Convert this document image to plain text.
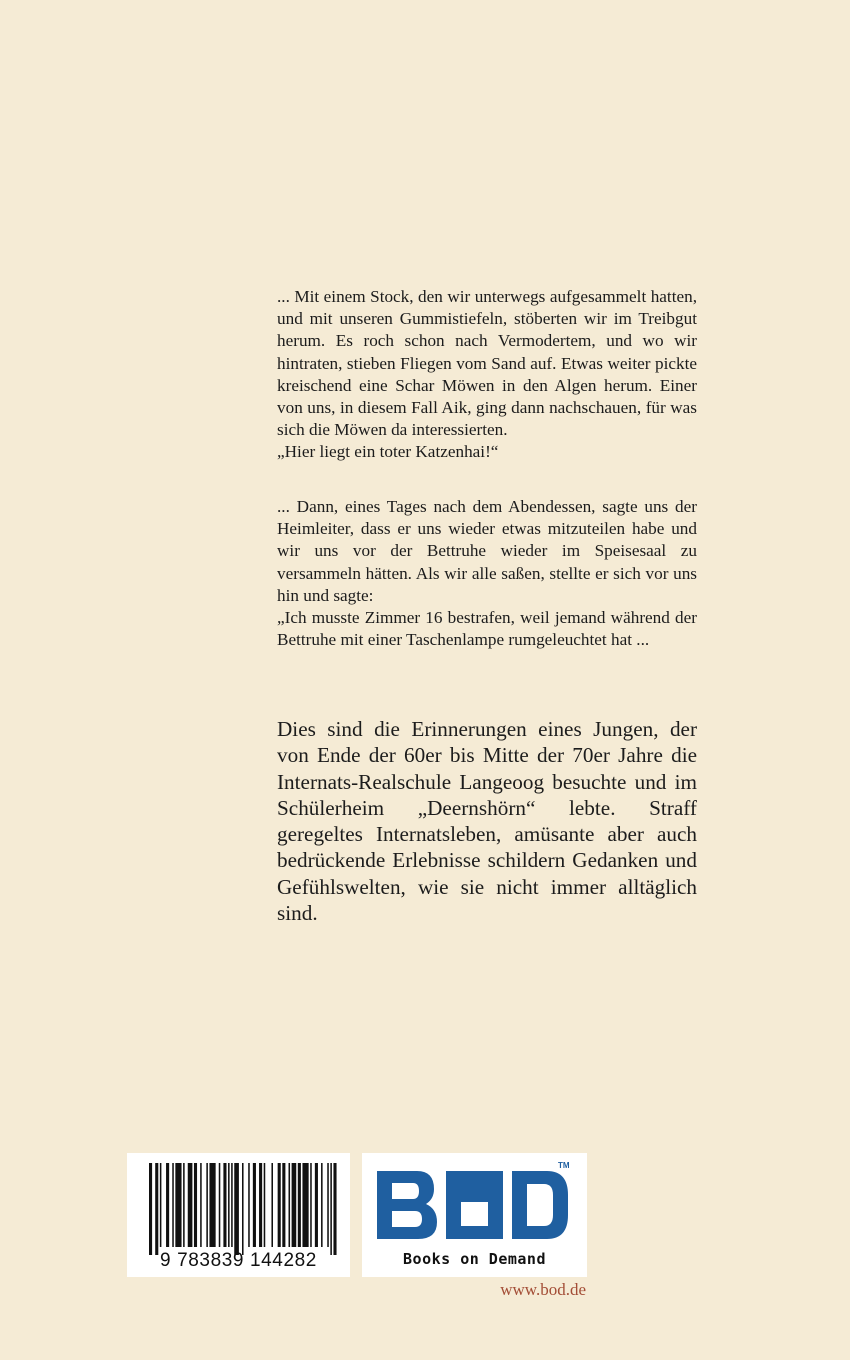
... Mit einem Stock, den wir unterwegs aufgesammelt hatten, und mit unseren Gummistiefeln, stöberten wir im Treibgut herum. Es roch schon nach Vermodertem, und wo wir hintraten, stieben Fliegen vom Sand auf. Etwas weiter pickte kreischend eine Schar Möwen in den Algen herum. Einer von uns, in diesem Fall Aik, ging dann nachschauen, für was sich die Möwen da interessierten.

„Hier liegt ein toter Katzenhai!“

... Dann, eines Tages nach dem Abendessen, sagte uns der Heimleiter, dass er uns wieder etwas mitzuteilen habe und wir uns vor der Bettruhe wieder im Speisesaal zu versammeln hätten. Als wir alle saßen, stellte er sich vor uns hin und sagte:

„Ich musste Zimmer 16 bestrafen, weil jemand während der Bettruhe mit einer Taschenlampe rumgeleuchtet hat ...

Dies sind die Erinnerungen eines Jungen, der von Ende der 60er bis Mitte der 70er Jahre die Internats-Realschule Langeoog besuchte und im Schülerheim „Deernshörn“ lebte. Straff geregeltes Internatsleben, amüsante aber auch bedrückende Erlebnisse schildern Gedanken und Gefühlswelten, wie sie nicht immer alltäglich sind.

9 783839 144282
TM
Books on Demand
www.bod.de
